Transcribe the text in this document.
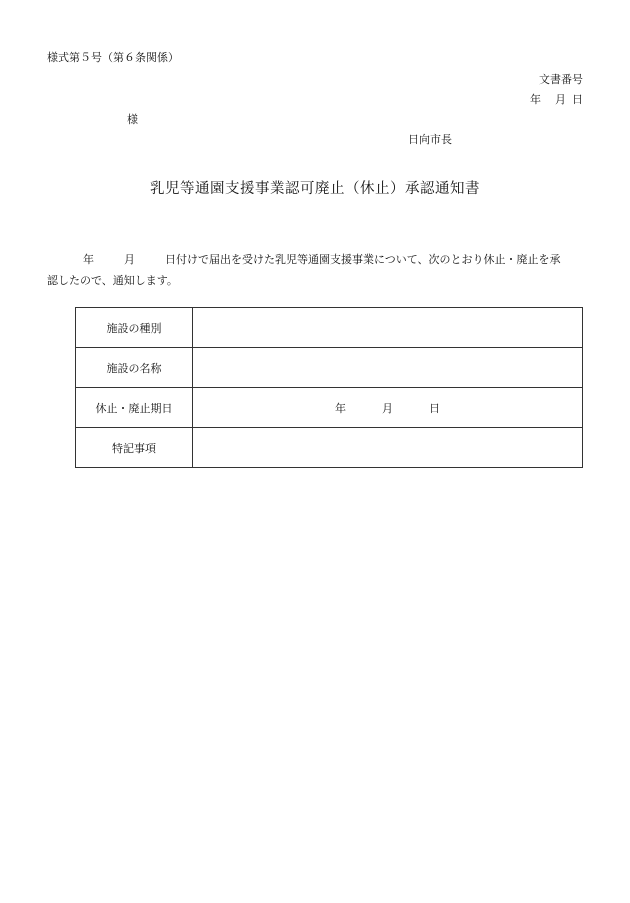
様式第５号（第６条関係）
文書番号
年 月 日
様
日向市長
乳児等通園支援事業認可廃止（休止）承認通知書
年	月	日付けで届出を受けた乳児等通園支援事業について、次のとおり休止・廃止を承
認したので、通知します。
施設の種別	
施設の名称	
休止・廃止期日	年 月 日
特記事項	
